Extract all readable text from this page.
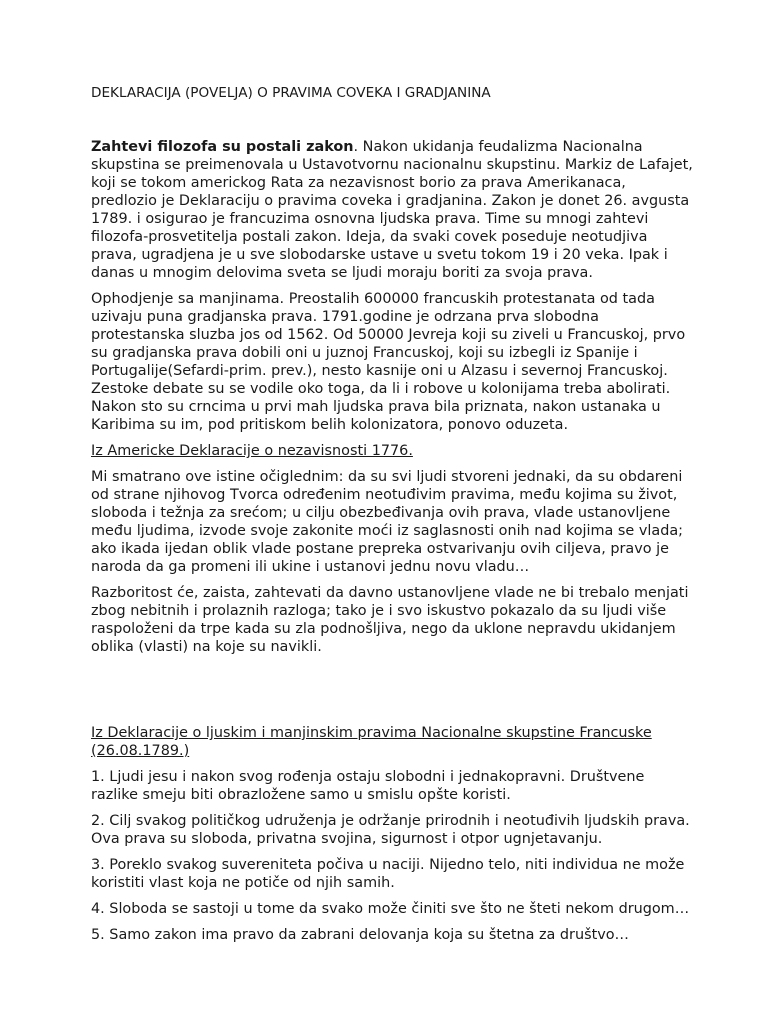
DEKLARACIJA (POVELJA) O PRAVIMA COVEKA I GRADJANINA

Zahtevi filozofa su postali zakon. Nakon ukidanja feudalizma Nacionalna skupstina se preimenovala u Ustavotvornu nacionalnu skupstinu. Markiz de Lafajet, koji se tokom americkog Rata za nezavisnost borio za prava Amerikanaca, predlozio je Deklaraciju o pravima coveka i gradjanina. Zakon je donet 26. avgusta 1789. i osigurao je francuzima osnovna ljudska prava. Time su mnogi zahtevi filozofa-prosvetitelja postali zakon. Ideja, da svaki covek poseduje neotudjiva prava, ugradjena je u sve slobodarske ustave u svetu tokom 19 i 20 veka. Ipak i danas u mnogim delovima sveta se ljudi moraju boriti za svoja prava.

Ophodjenje sa manjinama. Preostalih 600000 francuskih protestanata od tada uzivaju puna gradjanska prava. 1791.godine je odrzana prva slobodna protestanska sluzba jos od 1562. Od 50000 Jevreja koji su ziveli u Francuskoj, prvo su gradjanska prava dobili oni u juznoj Francuskoj, koji su izbegli iz Spanije i Portugalije(Sefardi-prim. prev.), nesto kasnije oni u Alzasu i severnoj Francuskoj. Zestoke debate su se vodile oko toga, da li i robove u kolonijama treba abolirati. Nakon sto su crncima u prvi mah ljudska prava bila priznata, nakon ustanaka u Karibima su im, pod pritiskom belih kolonizatora, ponovo oduzeta.

Iz Americke Deklaracije o nezavisnosti 1776.

Mi smatrano ove istine očiglednim: da su svi ljudi stvoreni jednaki, da su obdareni od strane njihovog Tvorca određenim neotuđivim pravima, među kojima su život, sloboda i težnja za srećom; u cilju obezbeđivanja ovih prava, vlade ustanovljene među ljudima, izvode svoje zakonite moći iz saglasnosti onih nad kojima se vlada; ako ikada ijedan oblik vlade postane prepreka ostvarivanju ovih ciljeva, pravo je naroda da ga promeni ili ukine i ustanovi jednu novu vladu…

Razboritost će, zaista, zahtevati da davno ustanovljene vlade ne bi trebalo menjati zbog nebitnih i prolaznih razloga; tako je i svo iskustvo pokazalo da su ljudi više raspoloženi da trpe kada su zla podnošljiva, nego da uklone nepravdu ukidanjem oblika (vlasti) na koje su navikli.

Iz Deklaracije o ljuskim i manjinskim pravima Nacionalne skupstine Francuske (26.08.1789.)

1. Ljudi jesu i nakon svog rođenja ostaju slobodni i jednakopravni. Društvene razlike smeju biti obrazložene samo u smislu opšte koristi.

2. Cilj svakog političkog udruženja je održanje prirodnih i neotuđivih ljudskih prava. Ova prava su sloboda, privatna svojina, sigurnost i otpor ugnjetavanju.

3. Poreklo svakog suvereniteta počiva u naciji. Nijedno telo, niti individua ne može koristiti vlast koja ne potiče od njih samih.

4. Sloboda se sastoji u tome da svako može činiti sve što ne šteti nekom drugom…

5. Samo zakon ima pravo da zabrani delovanja koja su štetna za društvo…
